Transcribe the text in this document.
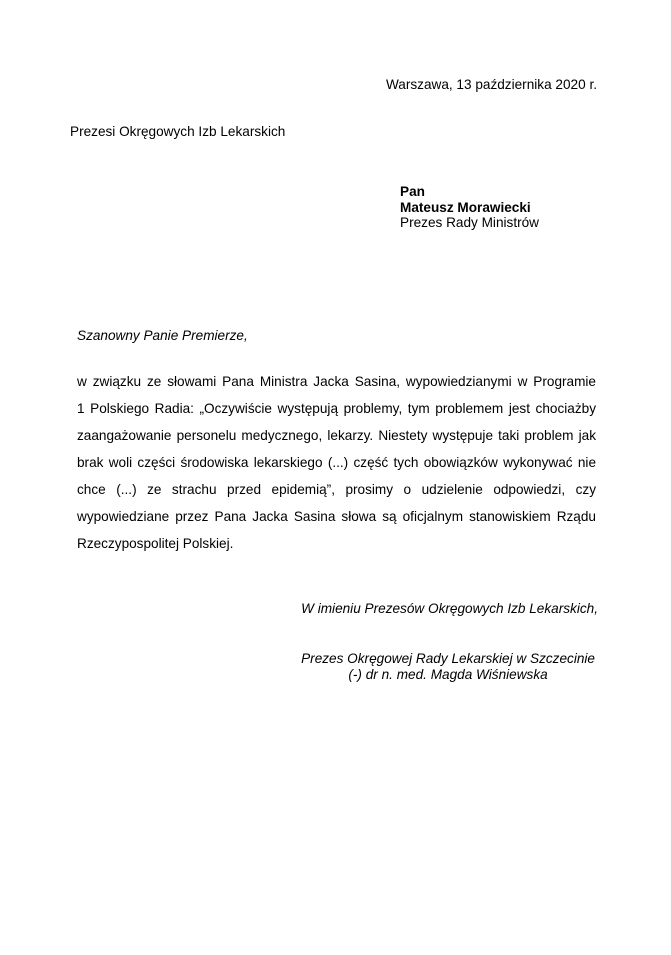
Warszawa, 13 października 2020 r.
Prezesi Okręgowych Izb Lekarskich
Pan
Mateusz Morawiecki
Prezes Rady Ministrów
Szanowny Panie Premierze,
w związku ze słowami Pana Ministra Jacka Sasina, wypowiedzianymi w Programie
1 Polskiego Radia: „Oczywiście występują problemy, tym problemem jest chociażby
zaangażowanie personelu medycznego, lekarzy. Niestety występuje taki problem jak
brak woli części środowiska lekarskiego (...) część tych obowiązków wykonywać nie
chce (...) ze strachu przed epidemią”, prosimy o udzielenie odpowiedzi, czy
wypowiedziane przez Pana Jacka Sasina słowa są oficjalnym stanowiskiem Rządu
Rzeczypospolitej Polskiej.
W imieniu Prezesów Okręgowych Izb Lekarskich,
Prezes Okręgowej Rady Lekarskiej w Szczecinie
(-) dr n. med. Magda Wiśniewska
